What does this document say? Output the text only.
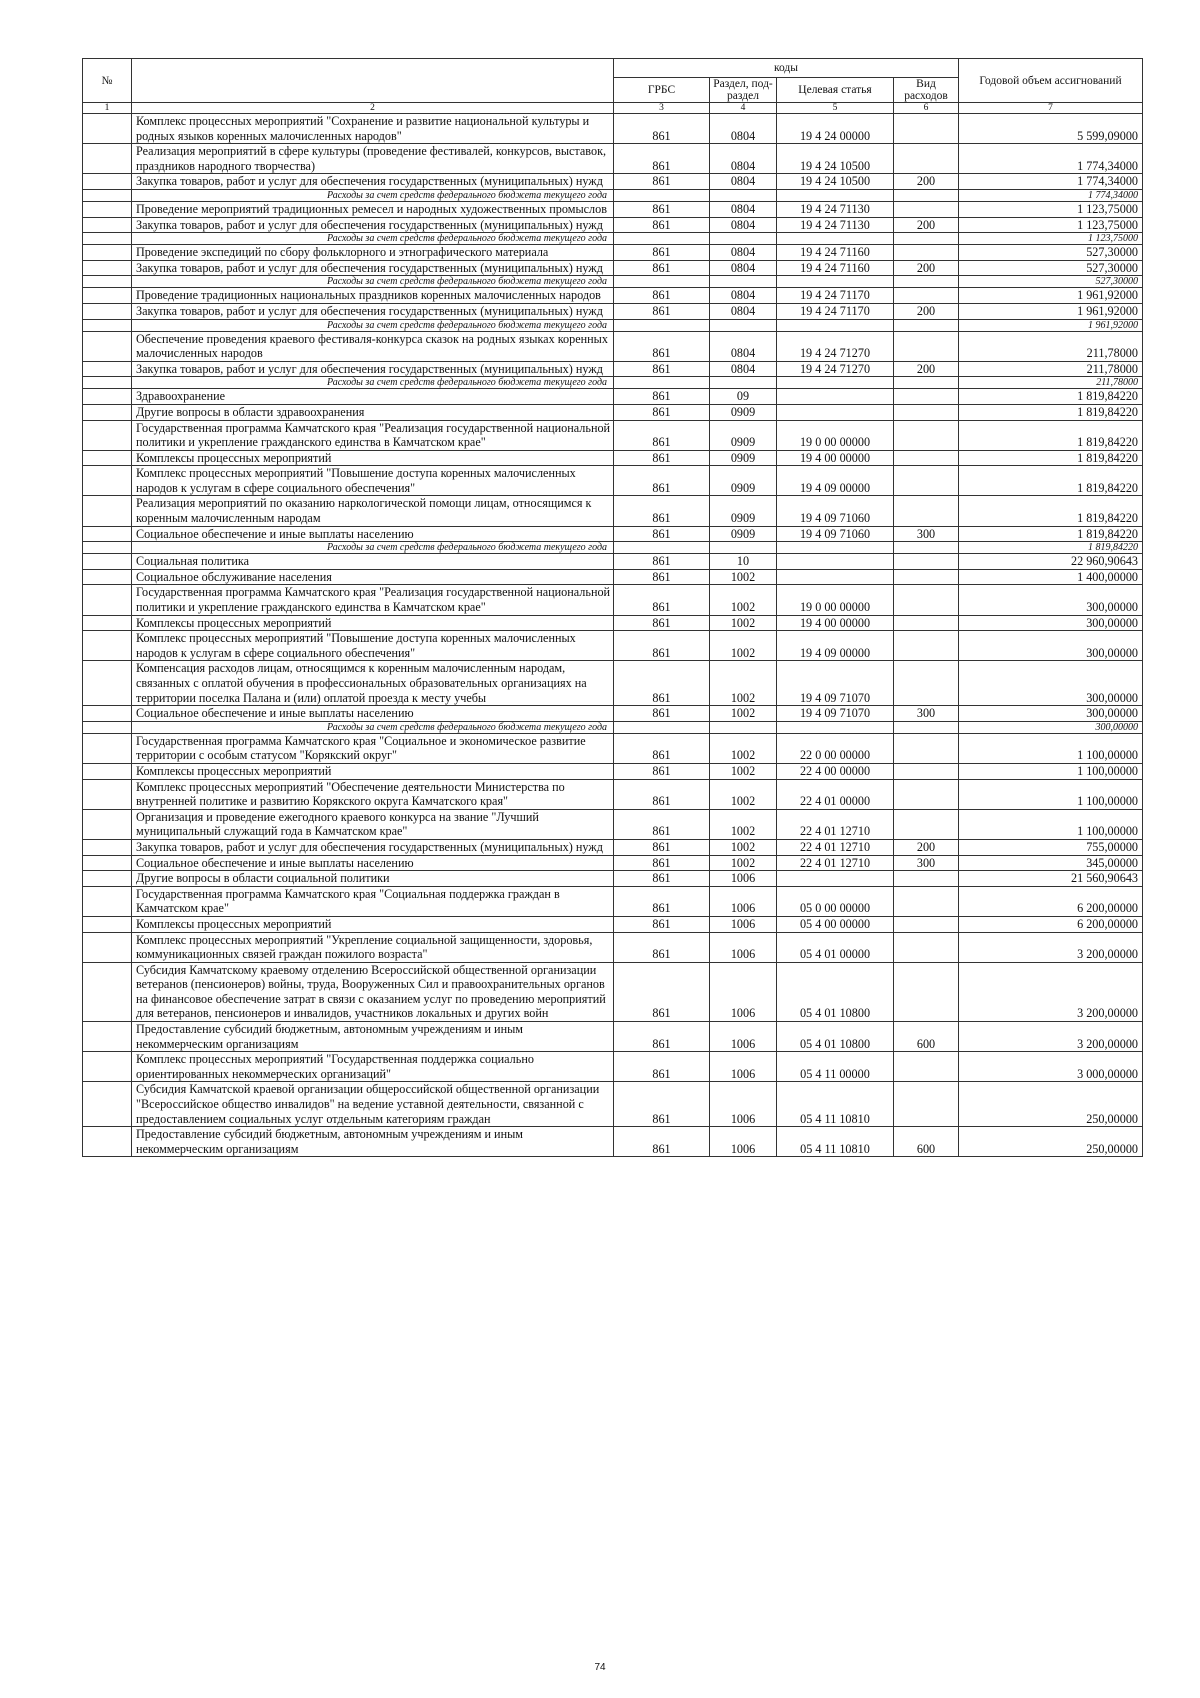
№		коды				Годовой объем ассигнований
		ГРБС	Раздел, под-раздел	Целевая статья	Вид расходов	
1	2	3	4	5	6	7
	Комплекс процессных мероприятий "Сохранение и развитие национальной культуры и родных языков коренных малочисленных народов"	861	0804	19 4 24 00000		5 599,09000
	Реализация мероприятий в сфере культуры (проведение фестивалей, конкурсов, выставок, праздников народного творчества)	861	0804	19 4 24 10500		1 774,34000
	Закупка товаров, работ и услуг для обеспечения государственных (муниципальных) нужд	861	0804	19 4 24 10500	200	1 774,34000
	Расходы за счет средств федерального бюджета текущего года					1 774,34000
	Проведение мероприятий традиционных ремесел и народных художественных промыслов	861	0804	19 4 24 71130		1 123,75000
	Закупка товаров, работ и услуг для обеспечения государственных (муниципальных) нужд	861	0804	19 4 24 71130	200	1 123,75000
	Расходы за счет средств федерального бюджета текущего года					1 123,75000
	Проведение экспедиций по сбору фольклорного и этнографического материала	861	0804	19 4 24 71160		527,30000
	Закупка товаров, работ и услуг для обеспечения государственных (муниципальных) нужд	861	0804	19 4 24 71160	200	527,30000
	Расходы за счет средств федерального бюджета текущего года					527,30000
	Проведение традиционных национальных праздников коренных малочисленных народов	861	0804	19 4 24 71170		1 961,92000
	Закупка товаров, работ и услуг для обеспечения государственных (муниципальных) нужд	861	0804	19 4 24 71170	200	1 961,92000
	Расходы за счет средств федерального бюджета текущего года					1 961,92000
	Обеспечение проведения краевого фестиваля-конкурса сказок на родных языках коренных малочисленных народов	861	0804	19 4 24 71270		211,78000
	Закупка товаров, работ и услуг для обеспечения государственных (муниципальных) нужд	861	0804	19 4 24 71270	200	211,78000
	Расходы за счет средств федерального бюджета текущего года					211,78000
	Здравоохранение	861	09			1 819,84220
	Другие вопросы в области здравоохранения	861	0909			1 819,84220
	Государственная программа Камчатского края "Реализация государственной национальной политики и укрепление гражданского единства в Камчатском крае"	861	0909	19 0 00 00000		1 819,84220
	Комплексы процессных мероприятий	861	0909	19 4 00 00000		1 819,84220
	Комплекс процессных мероприятий "Повышение доступа коренных малочисленных народов к услугам в сфере социального обеспечения"	861	0909	19 4 09 00000		1 819,84220
	Реализация мероприятий по оказанию наркологической помощи лицам, относящимся к коренным малочисленным народам	861	0909	19 4 09 71060		1 819,84220
	Социальное обеспечение и иные выплаты населению	861	0909	19 4 09 71060	300	1 819,84220
	Расходы за счет средств федерального бюджета текущего года					1 819,84220
	Социальная политика	861	10			22 960,90643
	Социальное обслуживание населения	861	1002			1 400,00000
	Государственная программа Камчатского края "Реализация государственной национальной политики и укрепление гражданского единства в Камчатском крае"	861	1002	19 0 00 00000		300,00000
	Комплексы процессных мероприятий	861	1002	19 4 00 00000		300,00000
	Комплекс процессных мероприятий "Повышение доступа коренных малочисленных народов к услугам в сфере социального обеспечения"	861	1002	19 4 09 00000		300,00000
	Компенсация расходов лицам, относящимся к коренным малочисленным народам, связанных с оплатой обучения в профессиональных образовательных организациях на территории поселка Палана и (или) оплатой проезда к месту учебы	861	1002	19 4 09 71070		300,00000
	Социальное обеспечение и иные выплаты населению	861	1002	19 4 09 71070	300	300,00000
	Расходы за счет средств федерального бюджета текущего года					300,00000
	Государственная программа Камчатского края "Социальное и экономическое развитие территории с особым статусом "Корякский округ"	861	1002	22 0 00 00000		1 100,00000
	Комплексы процессных мероприятий	861	1002	22 4 00 00000		1 100,00000
	Комплекс процессных мероприятий "Обеспечение деятельности Министерства по внутренней политике и развитию Корякского округа Камчатского края"	861	1002	22 4 01 00000		1 100,00000
	Организация и проведение ежегодного краевого конкурса на звание "Лучший муниципальный служащий года в Камчатском крае"	861	1002	22 4 01 12710		1 100,00000
	Закупка товаров, работ и услуг для обеспечения государственных (муниципальных) нужд	861	1002	22 4 01 12710	200	755,00000
	Социальное обеспечение и иные выплаты населению	861	1002	22 4 01 12710	300	345,00000
	Другие вопросы в области социальной политики	861	1006			21 560,90643
	Государственная программа Камчатского края "Социальная поддержка граждан в Камчатском крае"	861	1006	05 0 00 00000		6 200,00000
	Комплексы процессных мероприятий	861	1006	05 4 00 00000		6 200,00000
	Комплекс процессных мероприятий "Укрепление социальной защищенности, здоровья, коммуникационных связей граждан пожилого возраста"	861	1006	05 4 01 00000		3 200,00000
	Субсидия Камчатскому краевому отделению Всероссийской общественной организации ветеранов (пенсионеров) войны, труда, Вооруженных Сил и правоохранительных органов на финансовое обеспечение затрат в связи с оказанием услуг по проведению мероприятий для ветеранов, пенсионеров и инвалидов, участников локальных и других войн	861	1006	05 4 01 10800		3 200,00000
	Предоставление субсидий бюджетным, автономным учреждениям и иным некоммерческим организациям	861	1006	05 4 01 10800	600	3 200,00000
	Комплекс процессных мероприятий "Государственная поддержка социально ориентированных некоммерческих организаций"	861	1006	05 4 11 00000		3 000,00000
	Субсидия Камчатской краевой организации общероссийской общественной организации "Всероссийское общество инвалидов" на ведение уставной деятельности, связанной с предоставлением социальных услуг отдельным категориям граждан	861	1006	05 4 11 10810		250,00000
	Предоставление субсидий бюджетным, автономным учреждениям и иным некоммерческим организациям	861	1006	05 4 11 10810	600	250,00000
74
